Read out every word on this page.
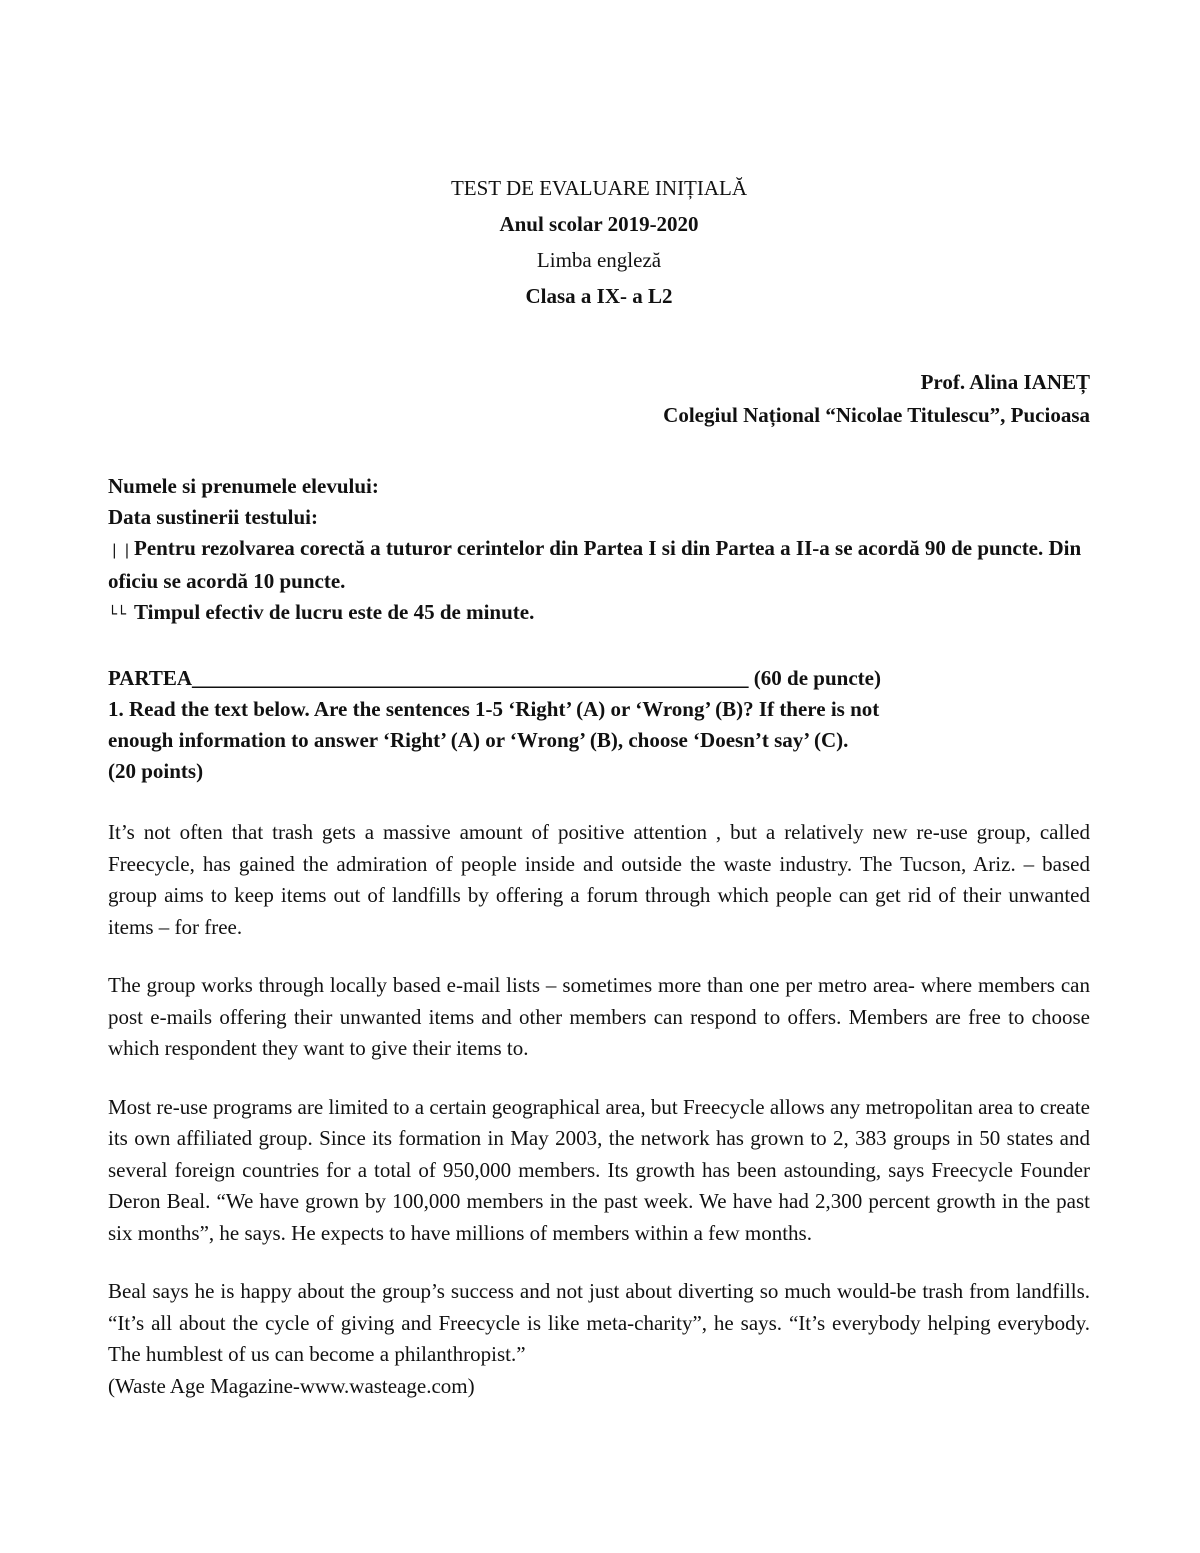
TEST DE EVALUARE INIȚIALĂ
Anul scolar 2019-2020
Limba engleză
Clasa a IX- a L2
Prof. Alina IANEȚ
Colegiul Național “Nicolae Titulescu”, Pucioasa
Numele si prenumele elevului:
Data sustinerii testului:
❘❘Pentru rezolvarea corectă a tuturor cerintelor din Partea I si din Partea a II-a se acordă 90 de puncte. Din oficiu se acordă 10 puncte.
└└ Timpul efectiv de lucru este de 45 de minute.
PARTEA_____________________________________________________ (60 de puncte)
1. Read the text below. Are the sentences 1-5 ‘Right’ (A) or ‘Wrong’ (B)? If there is not
enough information to answer ‘Right’ (A) or ‘Wrong’ (B), choose ‘Doesn’t say’ (C).
(20 points)
It’s not often that trash gets a massive amount of positive attention , but a relatively new re-use group, called Freecycle, has gained the admiration of people inside and outside the waste industry. The Tucson, Ariz. – based group aims to keep items out of landfills by offering a forum through which people can get rid of their unwanted items – for free.
The group works through locally based e-mail lists – sometimes more than one per metro area- where members can post e-mails offering their unwanted items and other members can respond to offers. Members are free to choose which respondent they want to give their items to.
Most re-use programs are limited to a certain geographical area, but Freecycle allows any metropolitan area to create its own affiliated group. Since its formation in May 2003, the network has grown to 2, 383 groups in 50 states and several foreign countries for a total of 950,000 members. Its growth has been astounding, says Freecycle Founder Deron Beal. “We have grown by 100,000 members in the past week. We have had 2,300 percent growth in the past six months”, he says. He expects to have millions of members within a few months.
Beal says he is happy about the group’s success and not just about diverting so much would-be trash from landfills. “It’s all about the cycle of giving and Freecycle is like meta-charity”, he says. “It’s everybody helping everybody. The humblest of us can become a philanthropist.”
(Waste Age Magazine-www.wasteage.com)
